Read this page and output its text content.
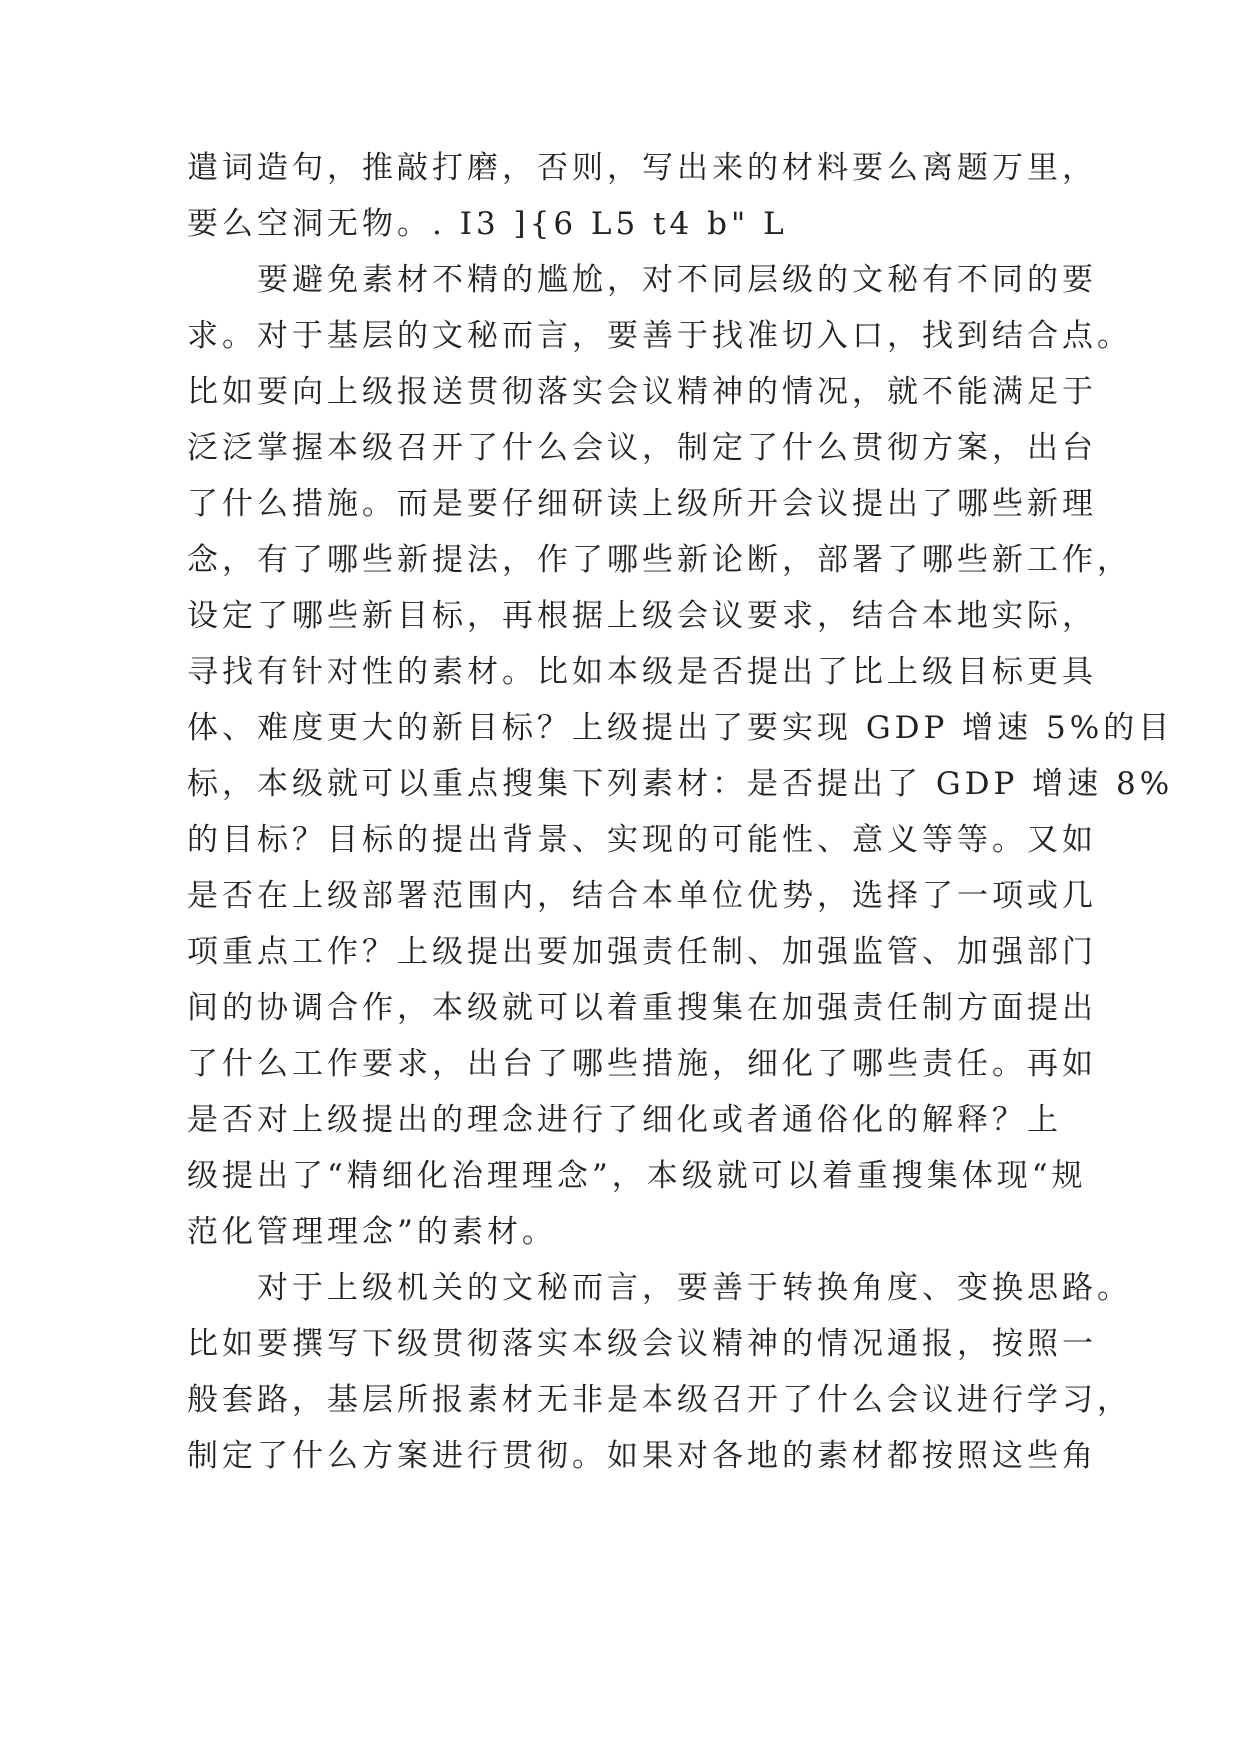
遣词造句，推敲打磨，否则，写出来的材料要么离题万里，
要么空洞无物。. I3 ]{6 L5 t4 b" L
　　要避免素材不精的尴尬，对不同层级的文秘有不同的要
求。对于基层的文秘而言，要善于找准切入口，找到结合点。
比如要向上级报送贯彻落实会议精神的情况，就不能满足于
泛泛掌握本级召开了什么会议，制定了什么贯彻方案，出台
了什么措施。而是要仔细研读上级所开会议提出了哪些新理
念，有了哪些新提法，作了哪些新论断，部署了哪些新工作，
设定了哪些新目标，再根据上级会议要求，结合本地实际，
寻找有针对性的素材。比如本级是否提出了比上级目标更具
体、难度更大的新目标？上级提出了要实现 GDP 增速 5%的目
标，本级就可以重点搜集下列素材：是否提出了 GDP 增速 8%
的目标？目标的提出背景、实现的可能性、意义等等。又如
是否在上级部署范围内，结合本单位优势，选择了一项或几
项重点工作？上级提出要加强责任制、加强监管、加强部门
间的协调合作，本级就可以着重搜集在加强责任制方面提出
了什么工作要求，出台了哪些措施，细化了哪些责任。再如
是否对上级提出的理念进行了细化或者通俗化的解释？上
级提出了“精细化治理理念”，本级就可以着重搜集体现“规
范化管理理念”的素材。
　　对于上级机关的文秘而言，要善于转换角度、变换思路。
比如要撰写下级贯彻落实本级会议精神的情况通报，按照一
般套路，基层所报素材无非是本级召开了什么会议进行学习，
制定了什么方案进行贯彻。如果对各地的素材都按照这些角
